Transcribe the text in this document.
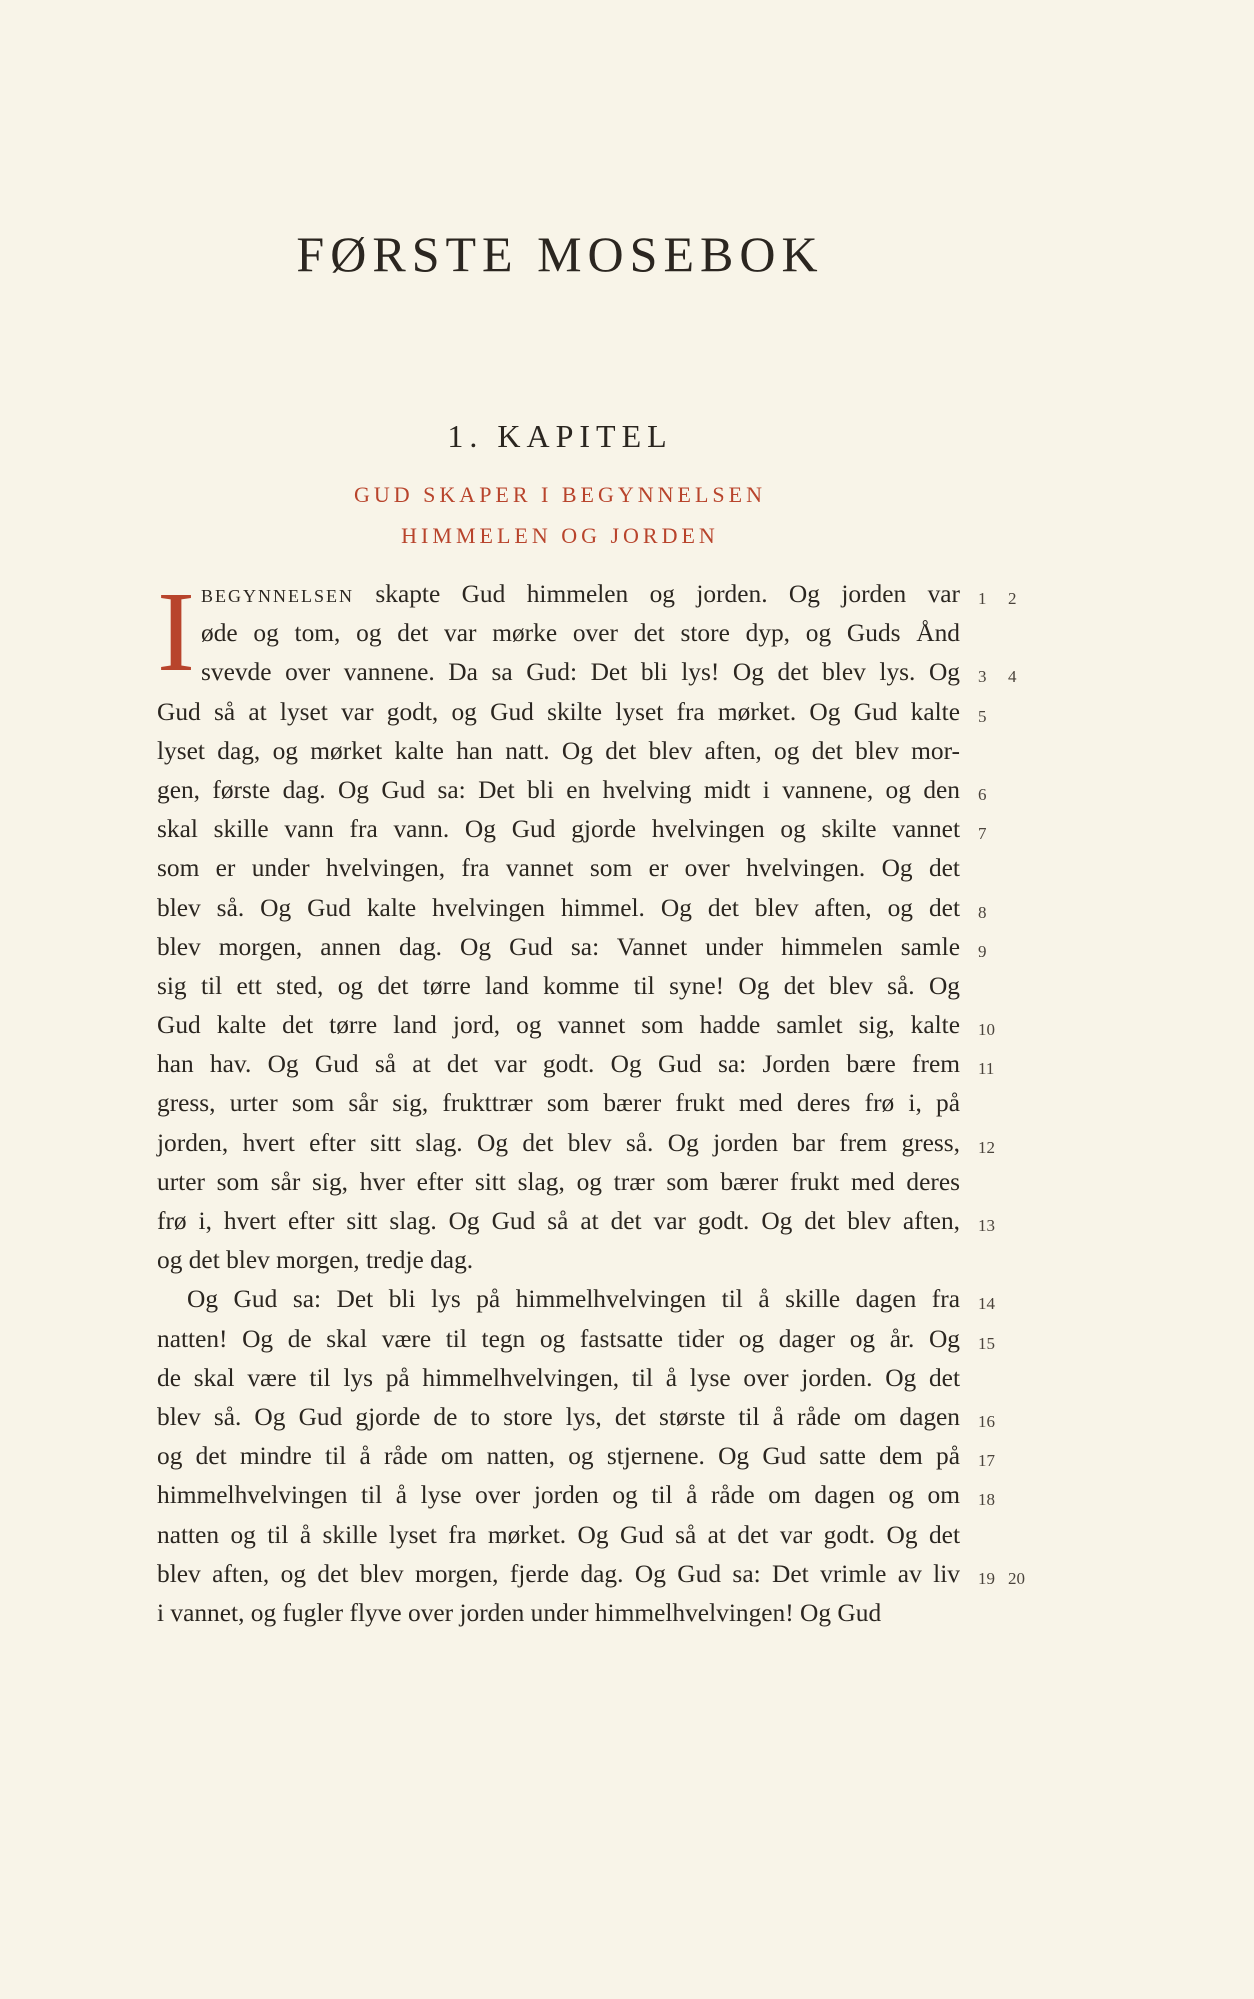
FØRSTE MOSEBOK
1. KAPITEL
GUD SKAPER I BEGYNNELSEN
HIMMELEN OG JORDEN
I begynnelsen skapte Gud himmelen og jorden. Og jorden var
øde og tom, og det var mørke over det store dyp, og Guds Ånd
svevde over vannene. Da sa Gud: Det bli lys! Og det blev lys. Og
Gud så at lyset var godt, og Gud skilte lyset fra mørket. Og Gud kalte
lyset dag, og mørket kalte han natt. Og det blev aften, og det blev mor-
gen, første dag. Og Gud sa: Det bli en hvelving midt i vannene, og den
skal skille vann fra vann. Og Gud gjorde hvelvingen og skilte vannet
som er under hvelvingen, fra vannet som er over hvelvingen. Og det
blev så. Og Gud kalte hvelvingen himmel. Og det blev aften, og det
blev morgen, annen dag. Og Gud sa: Vannet under himmelen samle
sig til ett sted, og det tørre land komme til syne! Og det blev så. Og
Gud kalte det tørre land jord, og vannet som hadde samlet sig, kalte
han hav. Og Gud så at det var godt. Og Gud sa: Jorden bære frem
gress, urter som sår sig, frukttrær som bærer frukt med deres frø i, på
jorden, hvert efter sitt slag. Og det blev så. Og jorden bar frem gress,
urter som sår sig, hver efter sitt slag, og trær som bærer frukt med deres
frø i, hvert efter sitt slag. Og Gud så at det var godt. Og det blev aften,
og det blev morgen, tredje dag.
Og Gud sa: Det bli lys på himmelhvelvingen til å skille dagen fra
natten! Og de skal være til tegn og fastsatte tider og dager og år. Og
de skal være til lys på himmelhvelvingen, til å lyse over jorden. Og det
blev så. Og Gud gjorde de to store lys, det største til å råde om dagen
og det mindre til å råde om natten, og stjernene. Og Gud satte dem på
himmelhvelvingen til å lyse over jorden og til å råde om dagen og om
natten og til å skille lyset fra mørket. Og Gud så at det var godt. Og det
blev aften, og det blev morgen, fjerde dag. Og Gud sa: Det vrimle av liv
i vannet, og fugler flyve over jorden under himmelhvelvingen! Og Gud
1 2
3 4
5
6
7
8
9
10
11
12
13
14
15
16
17
18
19 20
